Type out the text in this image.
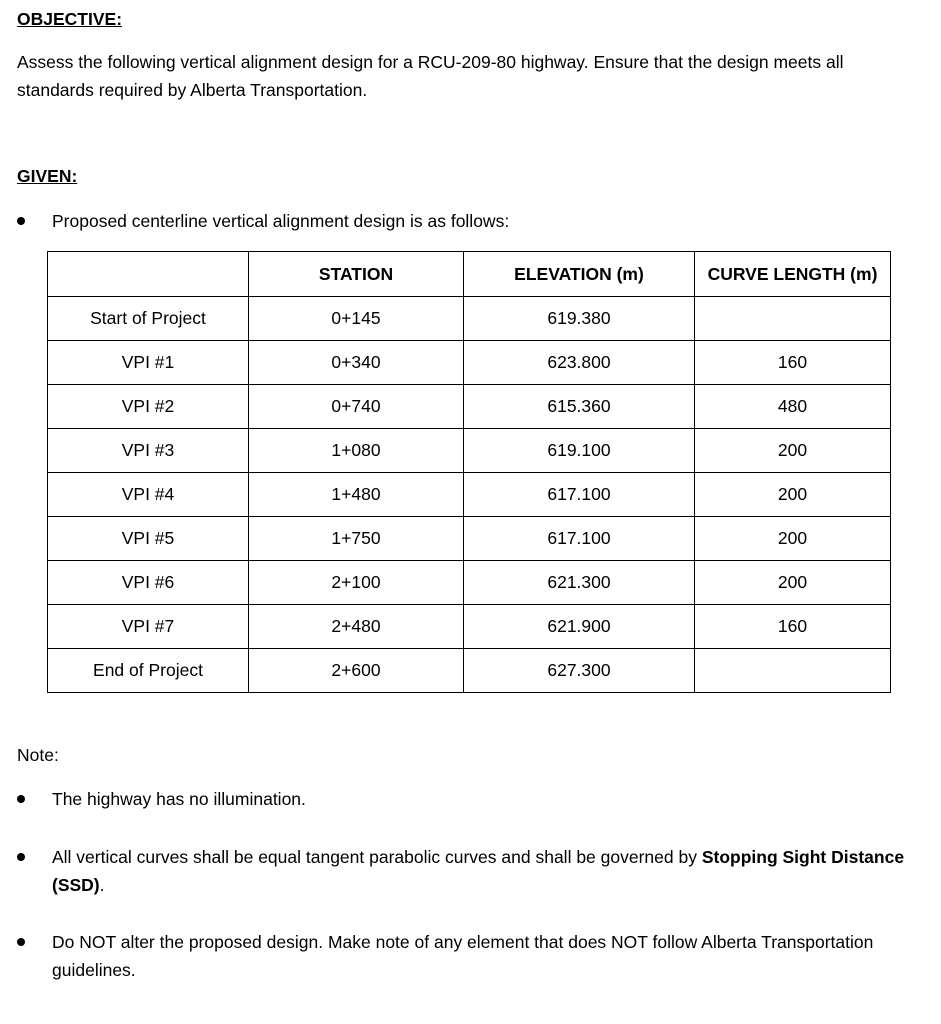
OBJECTIVE:
Assess the following vertical alignment design for a RCU-209-80 highway. Ensure that the design meets all standards required by Alberta Transportation.
GIVEN:
Proposed centerline vertical alignment design is as follows:
	STATION	ELEVATION (m)	CURVE LENGTH (m)
Start of Project	0+145	619.380	
VPI #1	0+340	623.800	160
VPI #2	0+740	615.360	480
VPI #3	1+080	619.100	200
VPI #4	1+480	617.100	200
VPI #5	1+750	617.100	200
VPI #6	2+100	621.300	200
VPI #7	2+480	621.900	160
End of Project	2+600	627.300	
Note:
The highway has no illumination.
All vertical curves shall be equal tangent parabolic curves and shall be governed by Stopping Sight Distance (SSD).
Do NOT alter the proposed design. Make note of any element that does NOT follow Alberta Transportation guidelines.
